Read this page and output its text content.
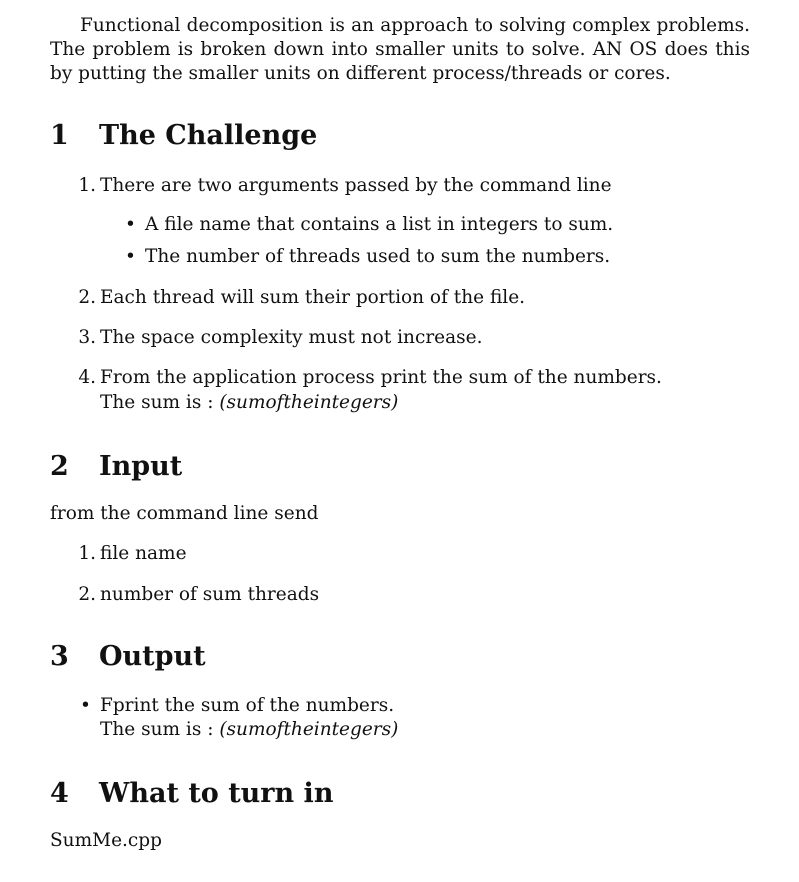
Functional decomposition is an approach to solving complex problems. The problem is broken down into smaller units to solve. AN OS does this by putting the smaller units on different process/threads or cores.

1	The Challenge
1. There are two arguments passed by the command line
• A file name that contains a list in integers to sum.
• The number of threads used to sum the numbers.
2. Each thread will sum their portion of the file.
3. The space complexity must not increase.
4. From the application process print the sum of the numbers.
The sum is : (sumoftheintegers)
2	Input

from the command line send

1. file name
2. number of sum threads
3	Output
• Fprint the sum of the numbers.
The sum is : (sumoftheintegers)
4	What to turn in

SumMe.cpp
